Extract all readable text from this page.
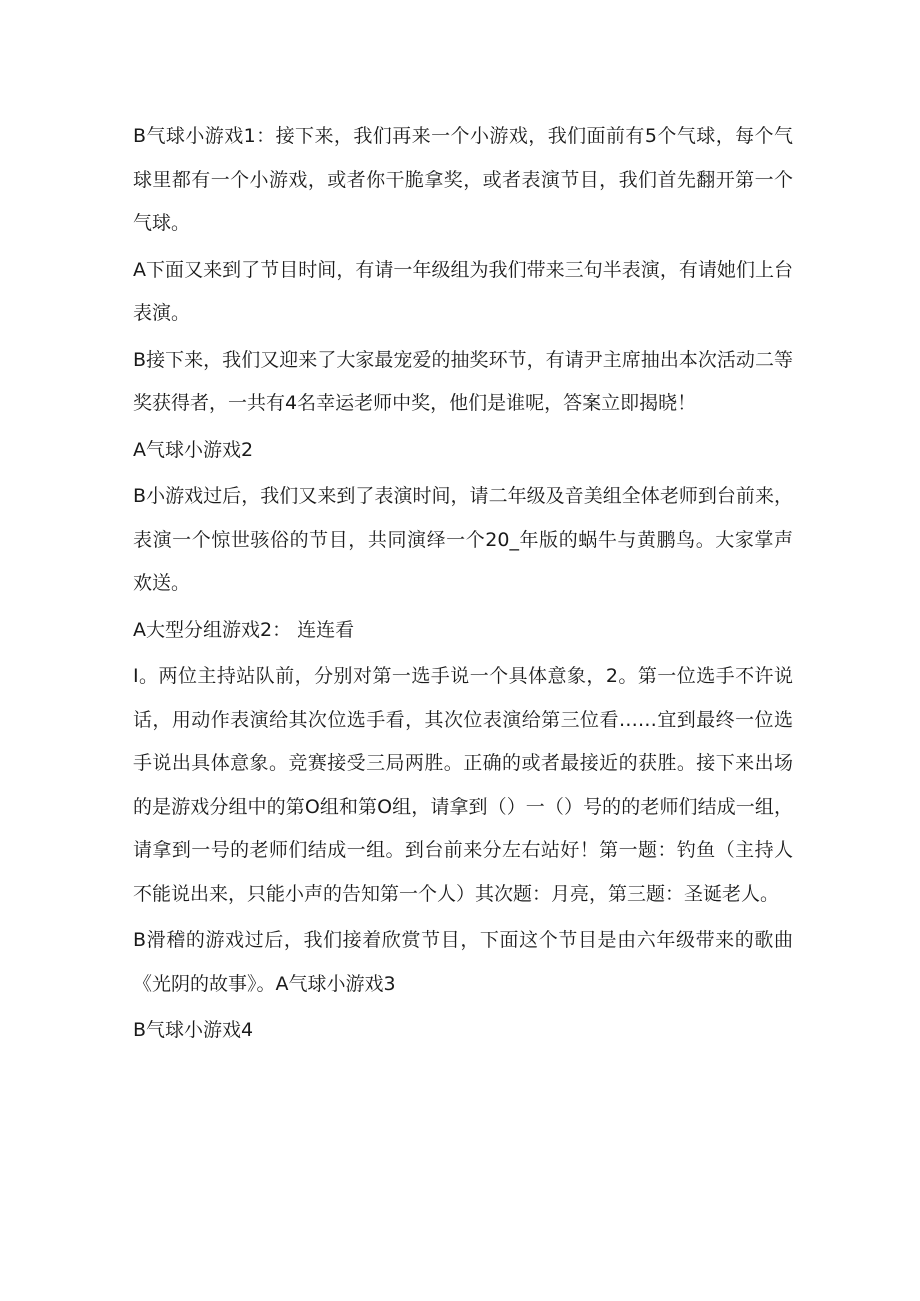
B气球小游戏1：接下来，我们再来一个小游戏，我们面前有5个气球，每个气球里都有一个小游戏，或者你干脆拿奖，或者表演节目，我们首先翻开第一个气球。

A下面又来到了节目时间，有请一年级组为我们带来三句半表演，有请她们上台表演。

B接下来，我们又迎来了大家最宠爱的抽奖环节，有请尹主席抽出本次活动二等奖获得者，一共有4名幸运老师中奖，他们是谁呢，答案立即揭晓！

A气球小游戏2

B小游戏过后，我们又来到了表演时间，请二年级及音美组全体老师到台前来，表演一个惊世骇俗的节目，共同演绎一个20_年版的蜗牛与黄鹏鸟。大家掌声欢送。

A大型分组游戏2： 连连看

I。两位主持站队前，分别对第一选手说一个具体意象，2。第一位选手不许说话，用动作表演给其次位选手看，其次位表演给第三位看……宜到最终一位选手说出具体意象。竞赛接受三局两胜。正确的或者最接近的获胜。接下来出场的是游戏分组中的第O组和第O组，请拿到（）一（）号的的老师们结成一组，请拿到一号的老师们结成一组。到台前来分左右站好！第一题：钓鱼（主持人不能说出来，只能小声的告知第一个人）其次题：月亮，第三题：圣诞老人。

B滑稽的游戏过后，我们接着欣赏节目，下面这个节目是由六年级带来的歌曲《光阴的故事》。A气球小游戏3

B气球小游戏4
